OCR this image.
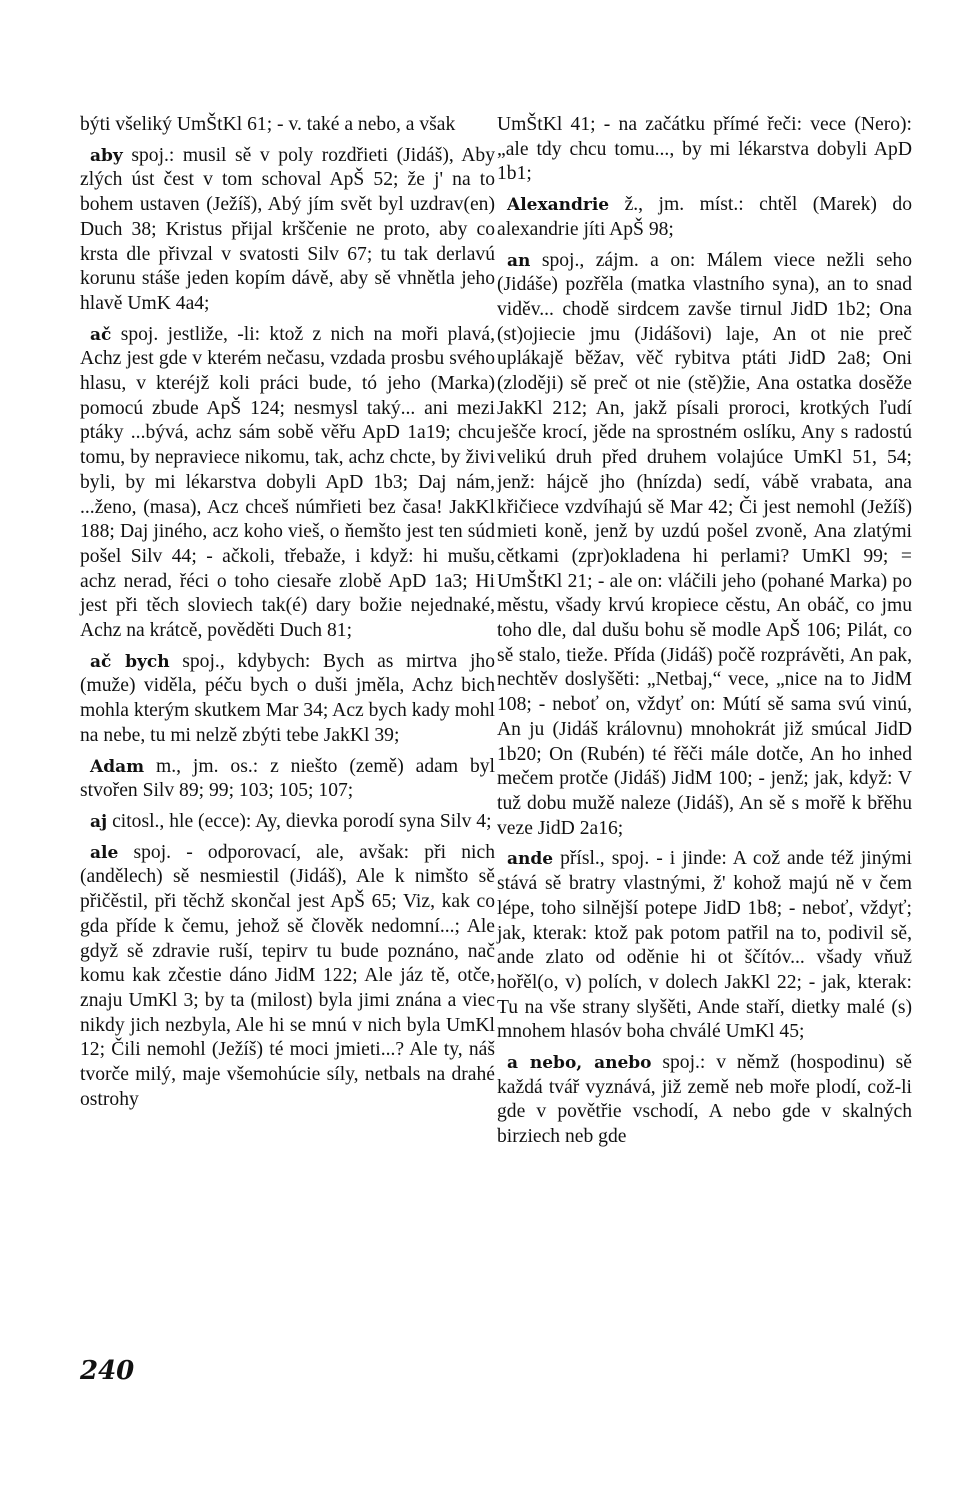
býti všeliký UmŠtKl 61; - v. také a nebo, a však

aby spoj.: musil sě v poly rozdřieti (Jidáš), Aby zlých úst čest v tom schoval ApŠ 52; že j' na to bohem ustaven (Ježíš), Abý jím svět byl uzdrav(en) Duch 38; Kristus přijal krščenie ne proto, aby co krsta dle přivzal v svatosti Silv 67; tu tak derlavú korunu stáše jeden kopím dávě, aby sě vhnětla jeho hlavě UmK 4a4;

ač spoj. jestliže, -li: ktož z nich na moři plavá, Achz jest gde v kterém nečasu, vzdada prosbu svého hlasu, v kteréjž koli práci bude, tó jeho (Marka) pomocú zbude ApŠ 124; nesmysl taký... ani mezi ptáky ...bývá, achz sám sobě věřu ApD 1a19; chcu tomu, by nepraviece nikomu, tak, achz chcte, by živi byli, by mi lékarstva dobyli ApD 1b3; Daj nám, ...ženo, (masa), Acz chceš númřieti bez časa! JakKl 188; Daj jiného, acz koho vieš, o ňemšto jest ten súd pošel Silv 44; - ačkoli, třebaže, i když: hi mušu, achz nerad, řéci o toho ciesaře zlobě ApD 1a3; Hi jest při těch sloviech tak(é) dary božie nejednaké, Achz na krátcě, pověděti Duch 81;

ač bych spoj., kdybych: Bych as mirtva jho (muže) viděla, péču bych o duši jměla, Achz bich mohla kterým skutkem Mar 34; Acz bych kady mohl na nebe, tu mi nelzě zbýti tebe JakKl 39;

Adam m., jm. os.: z niešto (země) adam byl stvořen Silv 89; 99; 103; 105; 107;

aj citosl., hle (ecce): Ay, dievka porodí syna Silv 4;

ale spoj. - odporovací, ale, avšak: při nich (andělech) sě nesmiestil (Jidáš), Ale k nimšto sě přičěstil, při těchž skončal jest ApŠ 65; Viz, kak co gda příde k čemu, jehož sě člověk nedomní...; Ale gdyž sě zdravie ruší, tepirv tu bude poznáno, nač komu kak zčestie dáno JidM 122; Ale jáz tě, otče, znaju UmKl 3; by ta (milost) byla jimi znána a viec nikdy jich nezbyla, Ale hi se mnú v nich byla UmKl 12; Čili nemohl (Ježíš) té moci jmieti...? Ale ty, náš tvorče milý, maje všemohúcie síly, netbals na drahé ostrohy

UmŠtKl 41; - na začátku přímé řeči: vece (Nero): „ale tdy chcu tomu..., by mi lékarstva dobyli ApD 1b1;

Alexandrie ž., jm. míst.: chtěl (Marek) do alexandrie jíti ApŠ 98;

an spoj., zájm. a on: Málem viece nežli seho (Jidáše) pozřěla (matka vlastního syna), an to snad viděv... chodě sirdcem zavše tirnul JidD 1b2; Ona (st)ojiecie jmu (Jidášovi) laje, An ot nie preč uplákajě běžav, věč rybitva ptáti JidD 2a8; Oni (zloději) sě preč ot nie (stě)žie, Ana ostatka dosěže JakKl 212; An, jakž písali proroci, krotkých ľudí ješče krocí, jěde na sprostném oslíku, Any s radostú velikú druh před druhem volajúce UmKl 51, 54; jenž: hájcě jho (hnízda) sedí, vábě vrabata, ana křičiece vzdvíhajú sě Mar 42; Či jest nemohl (Ježíš) mieti koně, jenž by uzdú pošel zvoně, Ana zlatými cětkami (zpr)okladena hi perlami? UmKl 99; = UmŠtKl 21; - ale on: vláčili jeho (pohané Marka) po městu, všady krvú kropiece cěstu, An obáč, co jmu toho dle, dal dušu bohu sě modle ApŠ 106; Pilát, co sě stalo, tieže. Přída (Jidáš) počě rozprávěti, An pak, nechtěv doslyšěti: „Netbaj,“ vece, „nice na to JidM 108; - neboť on, vždyť on: Mútí sě sama svú vinú, An ju (Jidáš královnu) mnohokrát již smúcal JidD 1b20; On (Rubén) té řěči mále dotče, An ho inhed mečem protče (Jidáš) JidM 100; - jenž; jak, když: V tuž dobu mužě naleze (Jidáš), An sě s mořě k břěhu veze JidD 2a16;

ande přísl., spoj. - i jinde: A což ande též jinými stává sě bratry vlastnými, ž' kohož majú ně v čem lépe, toho silnější potepe JidD 1b8; - neboť, vždyť; jak, kterak: ktož pak potom patřil na to, podivil sě, ande zlato od oděnie hi ot ščítóv... všady vňuž hořěl(o, v) polích, v dolech JakKl 22; - jak, kterak: Tu na vše strany slyšěti, Ande staří, dietky malé (s) mnohem hlasóv boha chválé UmKl 45;

a nebo, anebo spoj.: v němž (hospodinu) sě každá tvář vyznává, již země neb moře plodí, což-li gde v povětřie vschodí, A nebo gde v skalných birziech neb gde

240
